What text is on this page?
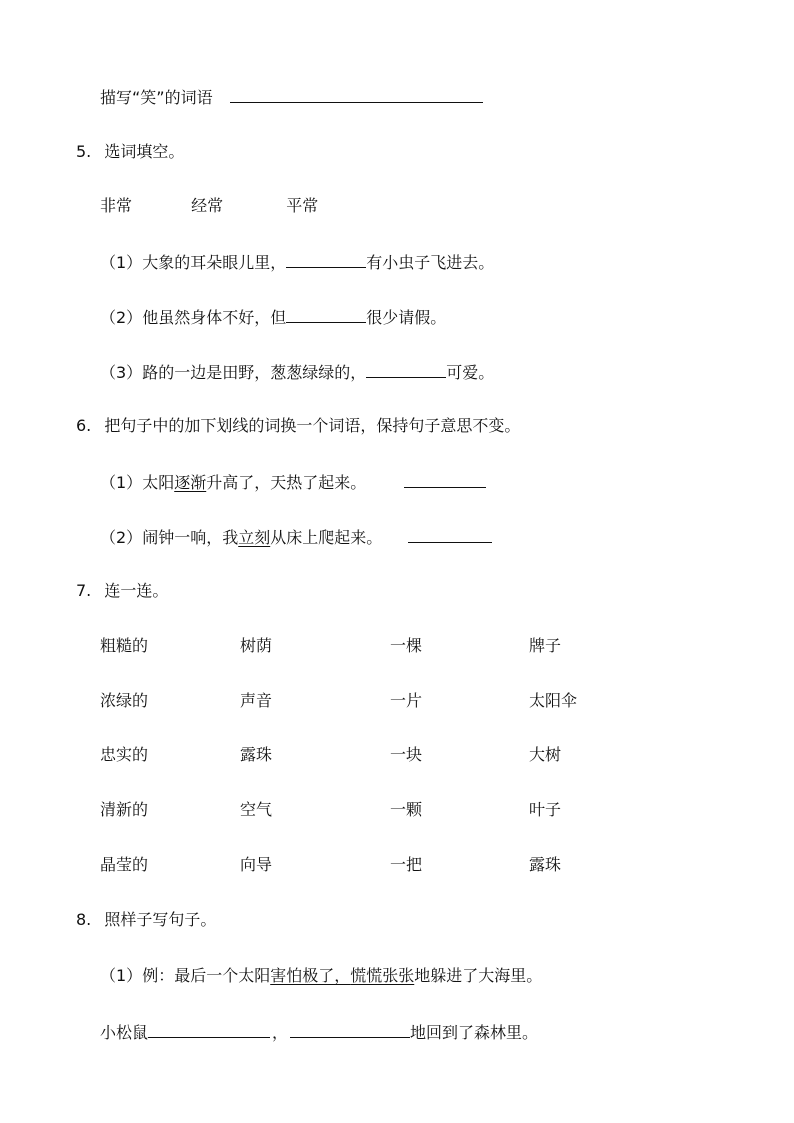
描写“笑”的词语
5. 选词填空。
非常	经常	平常
（1）大象的耳朵眼儿里，	有小虫子飞进去。
（2）他虽然身体不好，但	很少请假。
（3）路的一边是田野，葱葱绿绿的，	可爱。
6. 把句子中的加下划线的词换一个词语，保持句子意思不变。
（1）太阳逐渐升高了，天热了起来。
（2）闹钟一响，我立刻从床上爬起来。
7. 连一连。
粗糙的	树荫	一棵	牌子
浓绿的	声音	一片	太阳伞
忠实的	露珠	一块	大树
清新的	空气	一颗	叶子
晶莹的	向导	一把	露珠
8. 照样子写句子。
（1）例：最后一个太阳害怕极了，慌慌张张地躲进了大海里。
小松鼠	，	地回到了森林里。
